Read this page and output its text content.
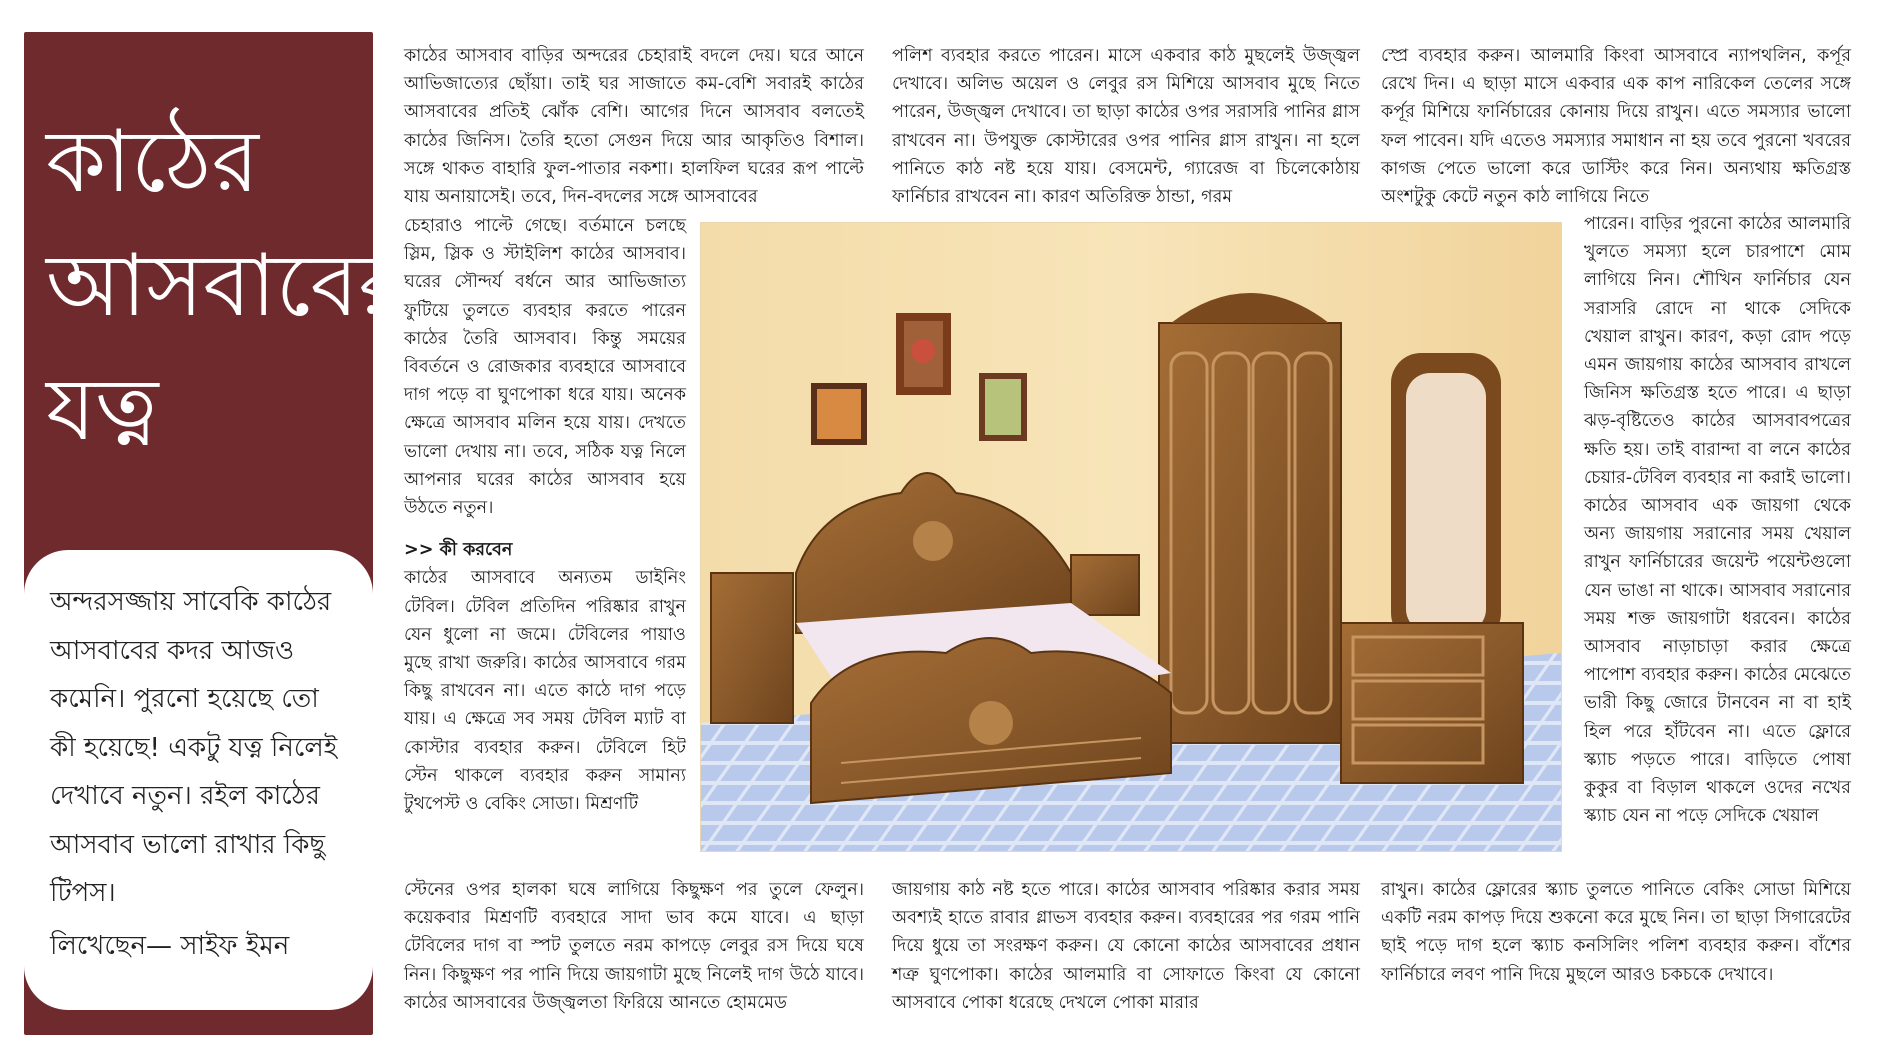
কাঠের
আসবাবের
যত্ন
অন্দরসজ্জায় সাবেকি কাঠের আসবাবের কদর আজও কমেনি। পুরনো হয়েছে তো কী হয়েছে! একটু যত্ন নিলেই দেখাবে নতুন। রইল কাঠের আসবাব ভালো রাখার কিছু টিপস।
লিখেছেন— সাইফ ইমন

কাঠের আসবাব বাড়ির অন্দরের চেহারাই বদলে দেয়। ঘরে আনে আভিজাত্যের ছোঁয়া। তাই ঘর সাজাতে কম-বেশি সবারই কাঠের আসবাবের প্রতিই ঝোঁক বেশি। আগের দিনে আসবাব বলতেই কাঠের জিনিস। তৈরি হতো সেগুন দিয়ে আর আকৃতিও বিশাল। সঙ্গে থাকত বাহারি ফুল-পাতার নকশা। হালফিল ঘরের রূপ পাল্টে যায় অনায়াসেই। তবে, দিন-বদলের সঙ্গে আসবাবের

চেহারাও পাল্টে গেছে। বর্তমানে চলছে স্লিম, স্লিক ও স্টাইলিশ কাঠের আসবাব। ঘরের সৌন্দর্য বর্ধনে আর আভিজাত্য ফুটিয়ে তুলতে ব্যবহার করতে পারেন কাঠের তৈরি আসবাব। কিন্তু সময়ের বিবর্তনে ও রোজকার ব্যবহারে আসবাবে দাগ পড়ে বা ঘুণপোকা ধরে যায়। অনেক ক্ষেত্রে আসবাব মলিন হয়ে যায়। দেখতে ভালো দেখায় না। তবে, সঠিক যত্ন নিলে আপনার ঘরের কাঠের আসবাব হয়ে উঠতে নতুন।

>> কী করবেন

কাঠের আসবাবে অন্যতম ডাইনিং টেবিল। টেবিল প্রতিদিন পরিষ্কার রাখুন যেন ধুলো না জমে। টেবিলের পায়াও মুছে রাখা জরুরি। কাঠের আসবাবে গরম কিছু রাখবেন না। এতে কাঠে দাগ পড়ে যায়। এ ক্ষেত্রে সব সময় টেবিল ম্যাট বা কোস্টার ব্যবহার করুন। টেবিলে হিট স্টেন থাকলে ব্যবহার করুন সামান্য টুথপেস্ট ও বেকিং সোডা। মিশ্রণটি

স্টেনের ওপর হালকা ঘষে লাগিয়ে কিছুক্ষণ পর তুলে ফেলুন। কয়েকবার মিশ্রণটি ব্যবহারে সাদা ভাব কমে যাবে। এ ছাড়া টেবিলের দাগ বা স্পট তুলতে নরম কাপড়ে লেবুর রস দিয়ে ঘষে নিন। কিছুক্ষণ পর পানি দিয়ে জায়গাটা মুছে নিলেই দাগ উঠে যাবে। কাঠের আসবাবের উজ্জ্বলতা ফিরিয়ে আনতে হোমমেড

পলিশ ব্যবহার করতে পারেন। মাসে একবার কাঠ মুছলেই উজ্জ্বল দেখাবে। অলিভ অয়েল ও লেবুর রস মিশিয়ে আসবাব মুছে নিতে পারেন, উজ্জ্বল দেখাবে। তা ছাড়া কাঠের ওপর সরাসরি পানির গ্লাস রাখবেন না। উপযুক্ত কোস্টারের ওপর পানির গ্লাস রাখুন। না হলে পানিতে কাঠ নষ্ট হয়ে যায়। বেসমেন্ট, গ্যারেজ বা চিলেকোঠায় ফার্নিচার রাখবেন না। কারণ অতিরিক্ত ঠান্ডা, গরম

জায়গায় কাঠ নষ্ট হতে পারে। কাঠের আসবাব পরিষ্কার করার সময় অবশ্যই হাতে রাবার গ্লাভস ব্যবহার করুন। ব্যবহারের পর গরম পানি দিয়ে ধুয়ে তা সংরক্ষণ করুন। যে কোনো কাঠের আসবাবের প্রধান শত্রু ঘুণপোকা। কাঠের আলমারি বা সোফাতে কিংবা যে কোনো আসবাবে পোকা ধরেছে দেখলে পোকা মারার

স্প্রে ব্যবহার করুন। আলমারি কিংবা আসবাবে ন্যাপথলিন, কর্পূর রেখে দিন। এ ছাড়া মাসে একবার এক কাপ নারিকেল তেলের সঙ্গে কর্পূর মিশিয়ে ফার্নিচারের কোনায় দিয়ে রাখুন। এতে সমস্যার ভালো ফল পাবেন। যদি এতেও সমস্যার সমাধান না হয় তবে পুরনো খবরের কাগজ পেতে ভালো করে ডাস্টিং করে নিন। অন্যথায় ক্ষতিগ্রস্ত অংশটুকু কেটে নতুন কাঠ লাগিয়ে নিতে

পারেন। বাড়ির পুরনো কাঠের আলমারি খুলতে সমস্যা হলে চারপাশে মোম লাগিয়ে নিন। শৌখিন ফার্নিচার যেন সরাসরি রোদে না থাকে সেদিকে খেয়াল রাখুন। কারণ, কড়া রোদ পড়ে এমন জায়গায় কাঠের আসবাব রাখলে জিনিস ক্ষতিগ্রস্ত হতে পারে। এ ছাড়া ঝড়-বৃষ্টিতেও কাঠের আসবাবপত্রের ক্ষতি হয়। তাই বারান্দা বা লনে কাঠের চেয়ার-টেবিল ব্যবহার না করাই ভালো। কাঠের আসবাব এক জায়গা থেকে অন্য জায়গায় সরানোর সময় খেয়াল রাখুন ফার্নিচারের জয়েন্ট পয়েন্টগুলো যেন ভাঙা না থাকে। আসবাব সরানোর সময় শক্ত জায়গাটা ধরবেন। কাঠের আসবাব নাড়াচাড়া করার ক্ষেত্রে পাপোশ ব্যবহার করুন। কাঠের মেঝেতে ভারী কিছু জোরে টানবেন না বা হাই হিল পরে হাঁটবেন না। এতে ফ্লোরে স্ক্যাচ পড়তে পারে। বাড়িতে পোষা কুকুর বা বিড়াল থাকলে ওদের নখের স্ক্যাচ যেন না পড়ে সেদিকে খেয়াল

রাখুন। কাঠের ফ্লোরের স্ক্যাচ তুলতে পানিতে বেকিং সোডা মিশিয়ে একটি নরম কাপড় দিয়ে শুকনো করে মুছে নিন। তা ছাড়া সিগারেটের ছাই পড়ে দাগ হলে স্ক্যাচ কনসিলিং পলিশ ব্যবহার করুন। বাঁশের ফার্নিচারে লবণ পানি দিয়ে মুছলে আরও চকচকে দেখাবে।
